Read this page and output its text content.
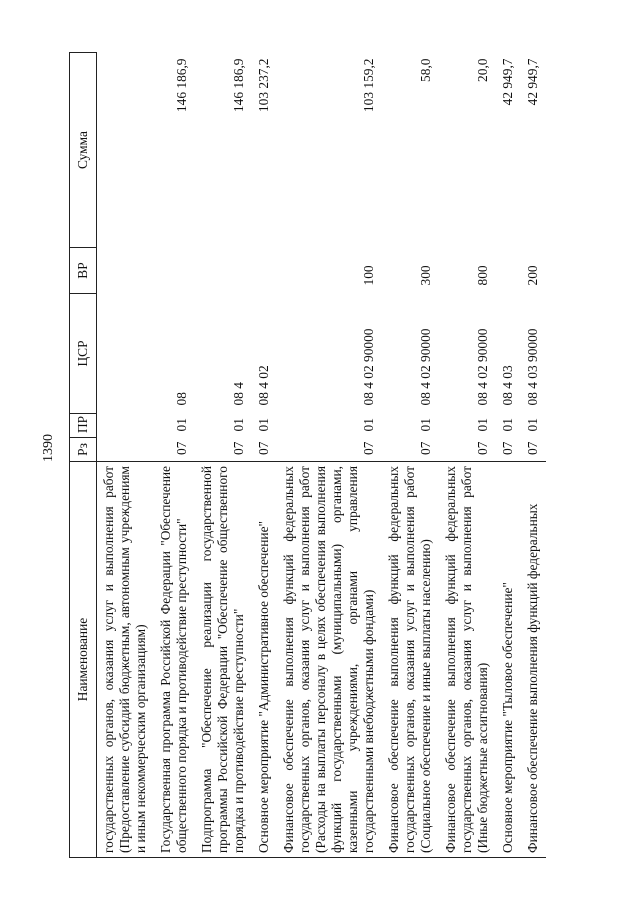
1390
Наименование	Рз	ПР	ЦСР	ВР	Сумма
государственных органов, оказания услуг и выполнения работ (Предоставление субсидий бюджетным, автономным учреждениям и иным некоммерческим организациям)					
Государственная программа Российской Федерации "Обеспечение общественного порядка и противодействие преступности"	07	01	08		146 186,9
Подпрограмма "Обеспечение реализации государственной программы Российской Федерации "Обеспечение общественного порядка и противодействие преступности"	07	01	08 4		146 186,9
Основное мероприятие "Административное обеспечение"	07	01	08 4 02		103 237,2
Финансовое обеспечение выполнения функций федеральных государственных органов, оказания услуг и выполнения работ (Расходы на выплаты персоналу в целях обеспечения выполнения функций государственными (муниципальными) органами, казенными учреждениями, органами управления государственными внебюджетными фондами)	07	01	08 4 02 90000	100	103 159,2
Финансовое обеспечение выполнения функций федеральных государственных органов, оказания услуг и выполнения работ (Социальное обеспечение и иные выплаты населению)	07	01	08 4 02 90000	300	58,0
Финансовое обеспечение выполнения функций федеральных государственных органов, оказания услуг и выполнения работ (Иные бюджетные ассигнования)	07	01	08 4 02 90000	800	20,0
Основное мероприятие "Тыловое обеспечение"	07	01	08 4 03		42 949,7
Финансовое обеспечение выполнения функций федеральных	07	01	08 4 03 90000	200	42 949,7
